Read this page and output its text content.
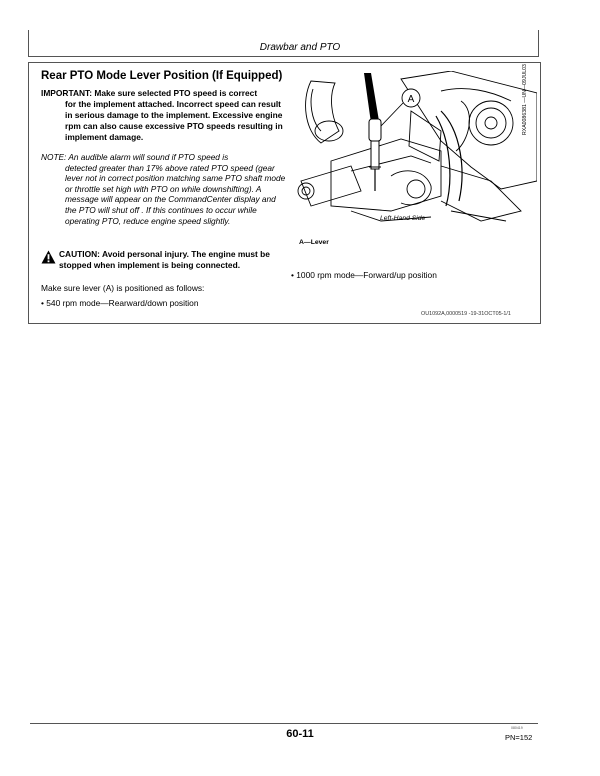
Drawbar and PTO
Rear PTO Mode Lever Position (If Equipped)
IMPORTANT: Make sure selected PTO speed is correct
for the implement attached. Incorrect speed can result in serious damage to the implement. Excessive engine rpm can also cause excessive PTO speeds resulting in implement damage.
NOTE: An audible alarm will sound if PTO speed is
detected greater than 17% above rated PTO speed (gear lever not in correct position matching same PTO shaft mode or throttle set high with PTO on while downshifting). A message will appear on the CommandCenter display and the PTO will shut off . If this continues to occur while operating PTO, reduce engine speed slightly.
CAUTION: Avoid personal injury. The engine must be stopped when implement is being connected.
Make sure lever (A) is positioned as follows:
• 540 rpm mode—Rearward/down position
• 1000 rpm mode—Forward/up position
A
Left-Hand Side
RXA0086381 —UN—09JUL03
A—Lever
OU1092A,0000519 -19-31OCT05-1/1
60-11	080419
PN=152
